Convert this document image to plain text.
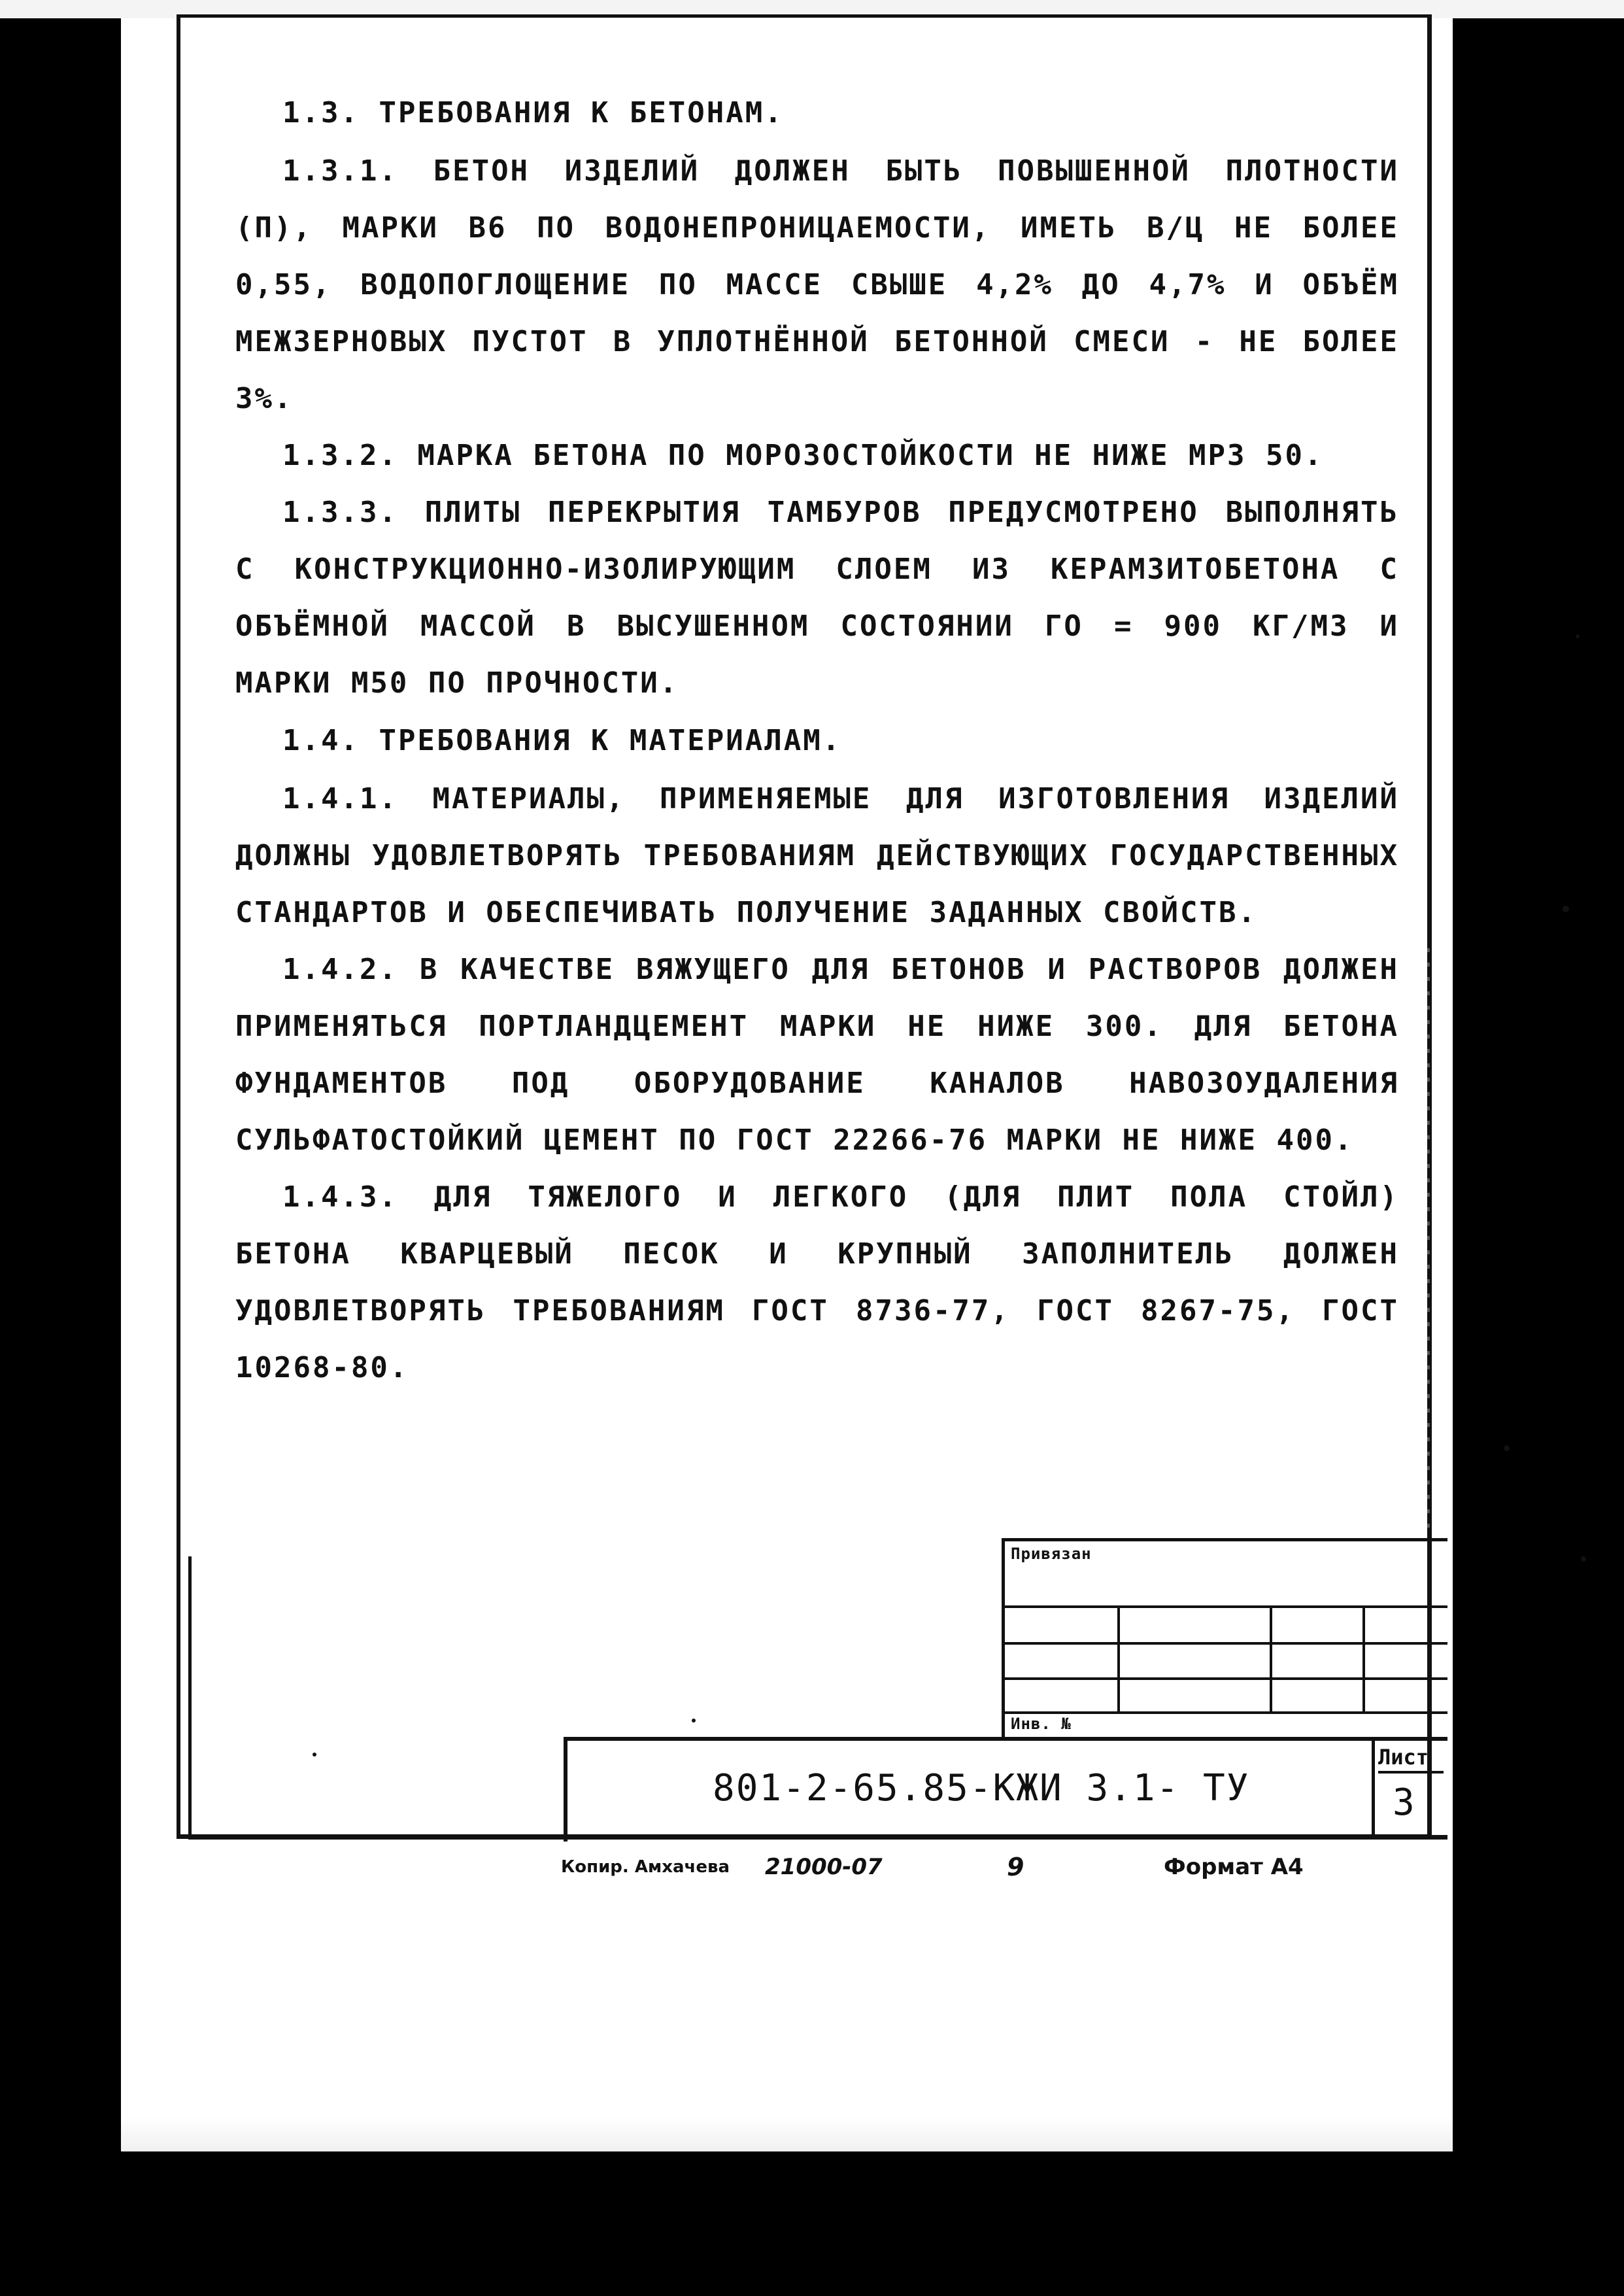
1.3. ТРЕБОВАНИЯ К БЕТОНАМ.

1.3.1. БЕТОН ИЗДЕЛИЙ ДОЛЖЕН БЫТЬ ПОВЫШЕННОЙ ПЛОТНОСТИ (П), МАРКИ В6 ПО ВОДОНЕПРОНИЦАЕМОСТИ, ИМЕТЬ В/Ц НЕ БОЛЕЕ 0,55, ВОДОПОГЛОЩЕНИЕ ПО МАССЕ СВЫШЕ 4,2% ДО 4,7% И ОБЪЁМ МЕЖЗЕРНОВЫХ ПУСТОТ В УПЛОТНЁННОЙ БЕТОННОЙ СМЕСИ - НЕ БОЛЕЕ 3%.

1.3.2. МАРКА БЕТОНА ПО МОРОЗОСТОЙКОСТИ НЕ НИЖЕ МРЗ 50.

1.3.3. ПЛИТЫ ПЕРЕКРЫТИЯ ТАМБУРОВ ПРЕДУСМОТРЕНО ВЫПОЛНЯТЬ С КОНСТРУКЦИОННО-ИЗОЛИРУЮЩИМ СЛОЕМ ИЗ КЕРАМЗИТОБЕТОНА С ОБЪЁМНОЙ МАССОЙ В ВЫСУШЕННОМ СОСТОЯНИИ ΓO = 900 КГ/М3 И МАРКИ М50 ПО ПРОЧНОСТИ.

1.4. ТРЕБОВАНИЯ К МАТЕРИАЛАМ.

1.4.1. МАТЕРИАЛЫ, ПРИМЕНЯЕМЫЕ ДЛЯ ИЗГОТОВЛЕНИЯ ИЗДЕЛИЙ ДОЛЖНЫ УДОВЛЕТВОРЯТЬ ТРЕБОВАНИЯМ ДЕЙСТВУЮЩИХ ГОСУДАРСТВЕННЫХ СТАНДАРТОВ И ОБЕСПЕЧИВАТЬ ПОЛУЧЕНИЕ ЗАДАННЫХ СВОЙСТВ.

1.4.2. В КАЧЕСТВЕ ВЯЖУЩЕГО ДЛЯ БЕТОНОВ И РАСТВОРОВ ДОЛЖЕН ПРИМЕНЯТЬСЯ ПОРТЛАНДЦЕМЕНТ МАРКИ НЕ НИЖЕ 300. ДЛЯ БЕТОНА ФУНДАМЕНТОВ ПОД ОБОРУДОВАНИЕ КАНАЛОВ НАВОЗОУДАЛЕНИЯ СУЛЬФАТОСТОЙКИЙ ЦЕМЕНТ ПО ГОСТ 22266-76 МАРКИ НЕ НИЖЕ 400.

1.4.3. ДЛЯ ТЯЖЕЛОГО И ЛЕГКОГО (ДЛЯ ПЛИТ ПОЛА СТОЙЛ) БЕТОНА КВАРЦЕВЫЙ ПЕСОК И КРУПНЫЙ ЗАПОЛНИТЕЛЬ ДОЛЖЕН УДОВЛЕТВОРЯТЬ ТРЕБОВАНИЯМ ГОСТ 8736-77, ГОСТ 8267-75, ГОСТ 10268-80.

Привязан
Инв. №
801-2-65.85-КЖИ 3.1- ТУ
Лист
3
Копир. Амхачева 21000-07	9	Формат А4
